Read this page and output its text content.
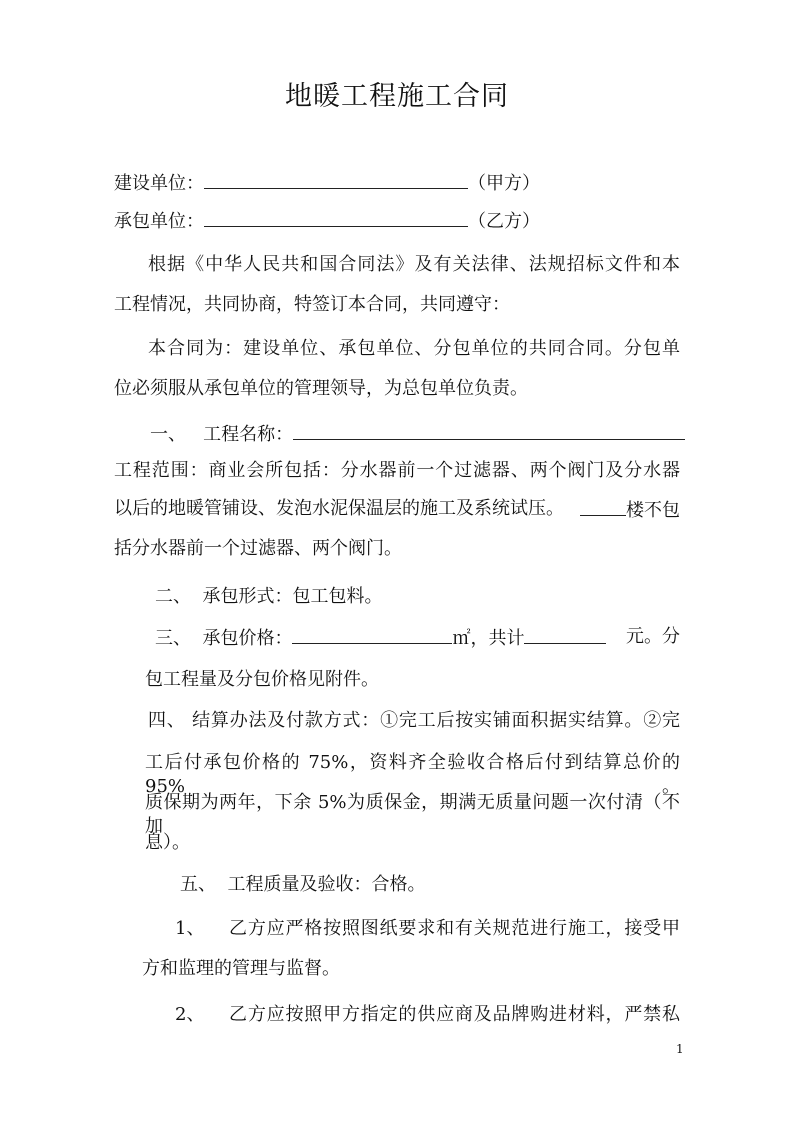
地暖工程施工合同
建设单位：	（甲方）
承包单位：	（乙方）
根据《中华人民共和国合同法》及有关法律、法规招标文件和本
工程情况，共同协商，特签订本合同，共同遵守：
本合同为：建设单位、承包单位、分包单位的共同合同。分包单
位必须服从承包单位的管理领导，为总包单位负责。
一、 工程名称：
工程范围：商业会所包括：分水器前一个过滤器、两个阀门及分水器
以后的地暖管铺设、发泡水泥保温层的施工及系统试压。	楼不包
括分水器前一个过滤器、两个阀门。
二、 承包形式：包工包料。
三、 承包价格：	㎡，共计	元。分
包工程量及分包价格见附件。
四、 结算办法及付款方式：①完工后按实铺面积据实结算。②完
工后付承包价格的 75%，资料齐全验收合格后付到结算总价的 95%。
质保期为两年，下余 5%为质保金，期满无质量问题一次付清（不加
息）。
五、 工程质量及验收：合格。
1、	乙方应严格按照图纸要求和有关规范进行施工，接受甲
方和监理的管理与监督。
2、	乙方应按照甲方指定的供应商及品牌购进材料，严禁私
1
